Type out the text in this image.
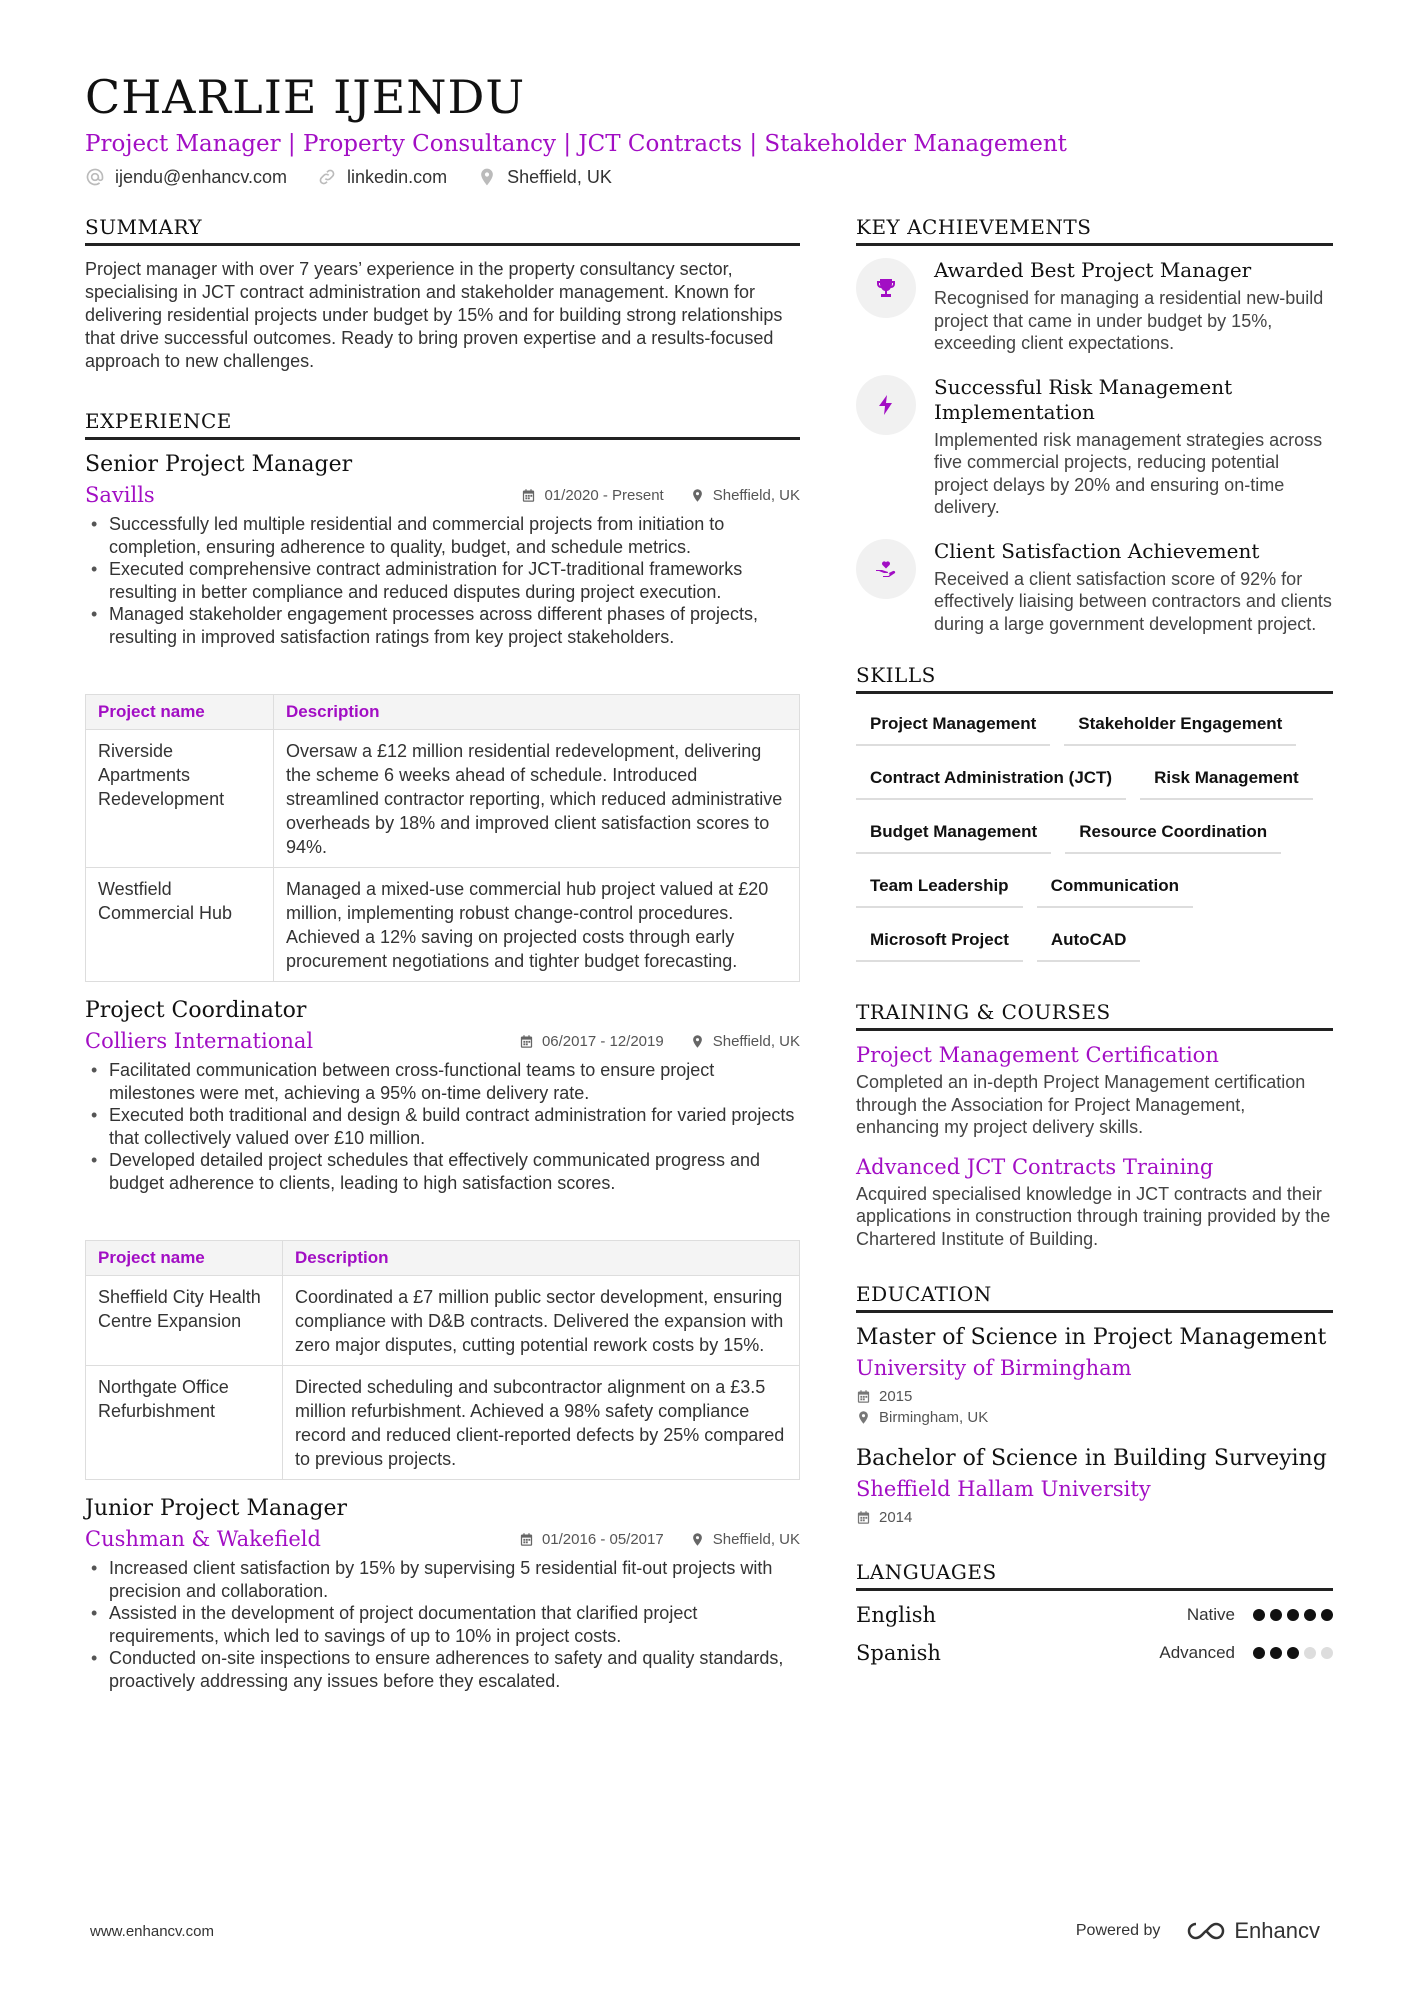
CHARLIE IJENDU
Project Manager | Property Consultancy | JCT Contracts | Stakeholder Management
ijendu@enhancv.com	linkedin.com	Sheffield, UK
SUMMARY
Project manager with over 7 years’ experience in the property consultancy sector, specialising in JCT contract administration and stakeholder management. Known for delivering residential projects under budget by 15% and for building strong relationships that drive successful outcomes. Ready to bring proven expertise and a results-focused approach to new challenges.
EXPERIENCE
Senior Project Manager
Savills	01/2020 - Present	Sheffield, UK
• Successfully led multiple residential and commercial projects from initiation to completion, ensuring adherence to quality, budget, and schedule metrics.
• Executed comprehensive contract administration for JCT-traditional frameworks resulting in better compliance and reduced disputes during project execution.
• Managed stakeholder engagement processes across different phases of projects, resulting in improved satisfaction ratings from key project stakeholders.
Project name	Description
Riverside Apartments Redevelopment	Oversaw a £12 million residential redevelopment, delivering the scheme 6 weeks ahead of schedule. Introduced streamlined contractor reporting, which reduced administrative overheads by 18% and improved client satisfaction scores to 94%.
Westfield Commercial Hub	Managed a mixed-use commercial hub project valued at £20 million, implementing robust change-control procedures. Achieved a 12% saving on projected costs through early procurement negotiations and tighter budget forecasting.
Project Coordinator
Colliers International	06/2017 - 12/2019	Sheffield, UK
• Facilitated communication between cross-functional teams to ensure project milestones were met, achieving a 95% on-time delivery rate.
• Executed both traditional and design & build contract administration for varied projects that collectively valued over £10 million.
• Developed detailed project schedules that effectively communicated progress and budget adherence to clients, leading to high satisfaction scores.
Project name	Description
Sheffield City Health Centre Expansion	Coordinated a £7 million public sector development, ensuring compliance with D&B contracts. Delivered the expansion with zero major disputes, cutting potential rework costs by 15%.
Northgate Office Refurbishment	Directed scheduling and subcontractor alignment on a £3.5 million refurbishment. Achieved a 98% safety compliance record and reduced client-reported defects by 25% compared to previous projects.
Junior Project Manager
Cushman & Wakefield	01/2016 - 05/2017	Sheffield, UK
• Increased client satisfaction by 15% by supervising 5 residential fit-out projects with precision and collaboration.
• Assisted in the development of project documentation that clarified project requirements, which led to savings of up to 10% in project costs.
• Conducted on-site inspections to ensure adherences to safety and quality standards, proactively addressing any issues before they escalated.
KEY ACHIEVEMENTS
Awarded Best Project Manager
Recognised for managing a residential new-build project that came in under budget by 15%, exceeding client expectations.
Successful Risk Management Implementation
Implemented risk management strategies across five commercial projects, reducing potential project delays by 20% and ensuring on-time delivery.
Client Satisfaction Achievement
Received a client satisfaction score of 92% for effectively liaising between contractors and clients during a large government development project.
SKILLS
Project Management	Stakeholder Engagement
Contract Administration (JCT)	Risk Management
Budget Management	Resource Coordination
Team Leadership	Communication
Microsoft Project	AutoCAD
TRAINING & COURSES
Project Management Certification
Completed an in-depth Project Management certification through the Association for Project Management, enhancing my project delivery skills.
Advanced JCT Contracts Training
Acquired specialised knowledge in JCT contracts and their applications in construction through training provided by the Chartered Institute of Building.
EDUCATION
Master of Science in Project Management
University of Birmingham
2015
Birmingham, UK
Bachelor of Science in Building Surveying
Sheffield Hallam University
2014
LANGUAGES
English	Native
Spanish	Advanced
www.enhancv.com	Powered by	Enhancv
